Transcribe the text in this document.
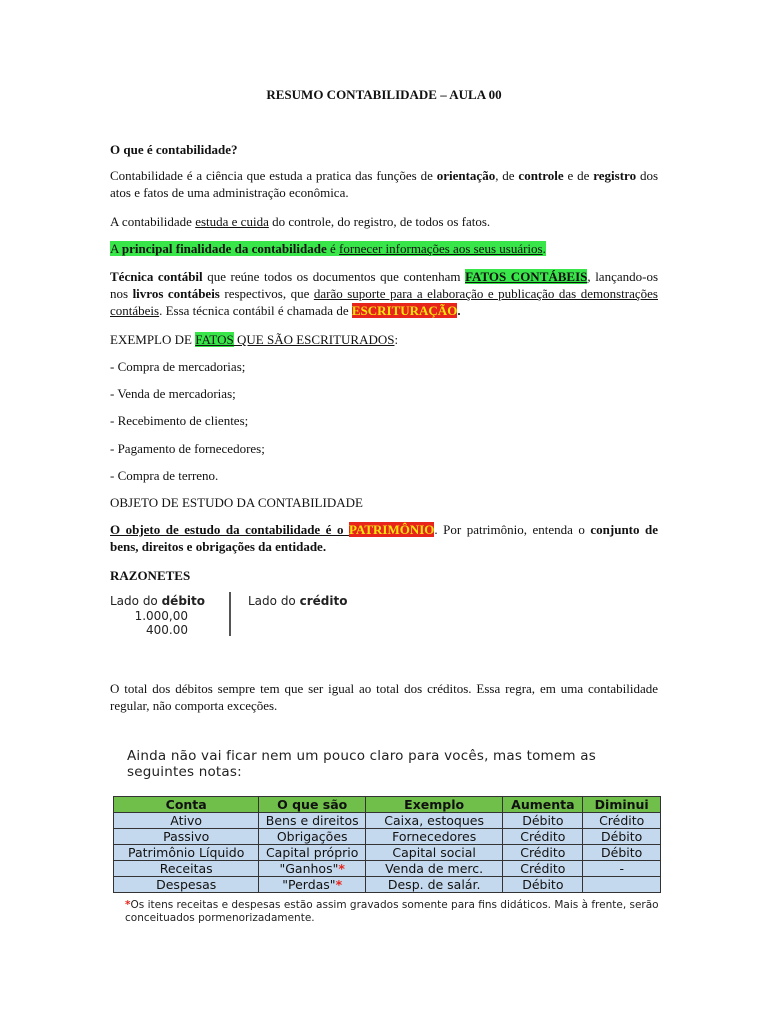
RESUMO CONTABILIDADE – AULA 00

O que é contabilidade?

Contabilidade é a ciência que estuda a pratica das funções de orientação, de controle e de registro dos atos e fatos de uma administração econômica.

A contabilidade estuda e cuida do controle, do registro, de todos os fatos.

A principal finalidade da contabilidade é fornecer informações aos seus usuários.

Técnica contábil que reúne todos os documentos que contenham FATOS CONTÁBEIS, lançando-os nos livros contábeis respectivos, que darão suporte para a elaboração e publicação das demonstrações contábeis. Essa técnica contábil é chamada de ESCRITURAÇÃO.

EXEMPLO DE FATOS QUE SÃO ESCRITURADOS:

- Compra de mercadorias;

- Venda de mercadorias;

- Recebimento de clientes;

- Pagamento de fornecedores;

- Compra de terreno.

OBJETO DE ESTUDO DA CONTABILIDADE

O objeto de estudo da contabilidade é o PATRIMÔNIO. Por patrimônio, entenda o conjunto de bens, direitos e obrigações da entidade.

RAZONETES

Lado do débito	Lado do crédito
1.000,00
400.00

O total dos débitos sempre tem que ser igual ao total dos créditos. Essa regra, em uma contabilidade regular, não comporta exceções.

Ainda não vai ficar nem um pouco claro para vocês, mas tomem as seguintes notas:
Conta	O que são	Exemplo	Aumenta	Diminui
Ativo	Bens e direitos	Caixa, estoques	Débito	Crédito
Passivo	Obrigações	Fornecedores	Crédito	Débito
Patrimônio Líquido	Capital próprio	Capital social	Crédito	Débito
Receitas	"Ganhos"*	Venda de merc.	Crédito	-
Despesas	"Perdas"*	Desp. de salár.	Débito	
*Os itens receitas e despesas estão assim gravados somente para fins didáticos. Mais à frente, serão conceituados pormenorizadamente.
